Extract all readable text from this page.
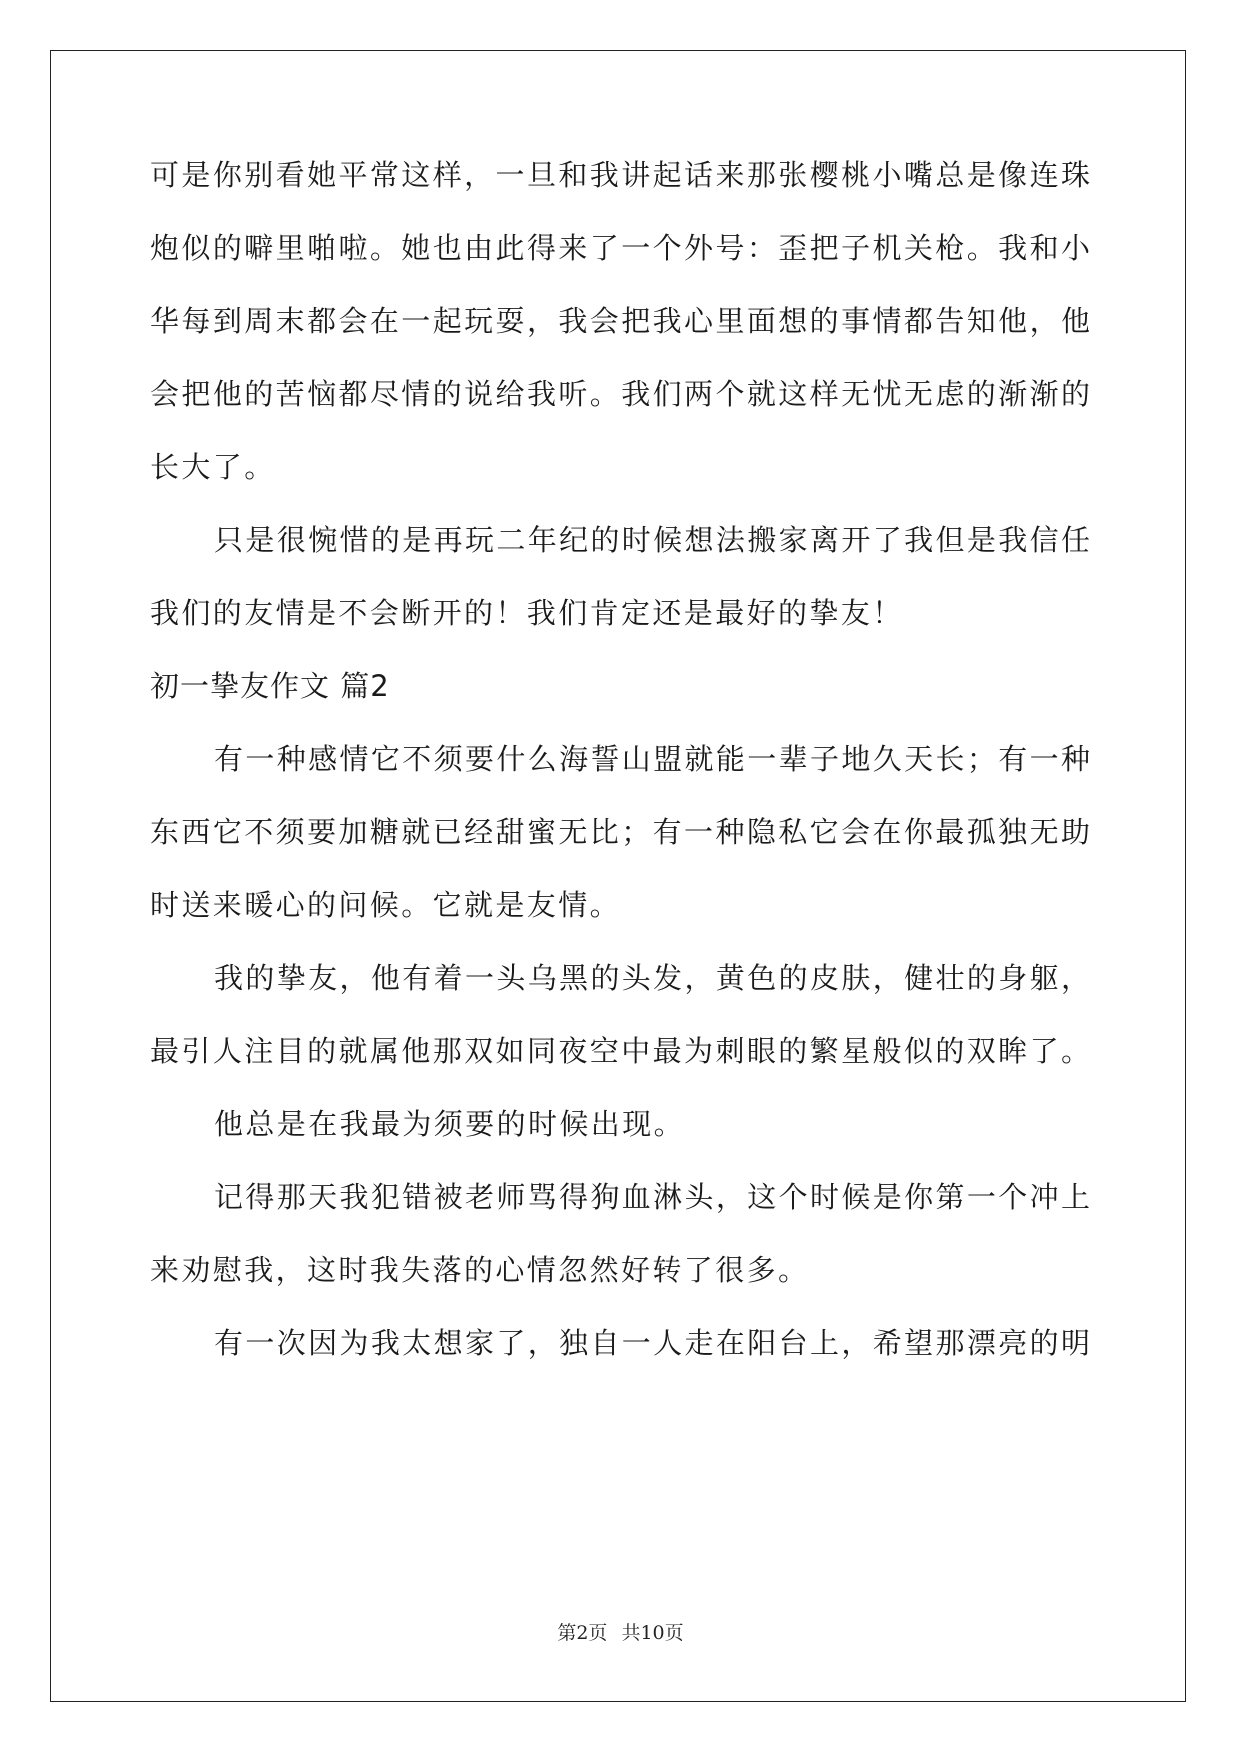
可是你别看她平常这样，一旦和我讲起话来那张樱桃小嘴总是像连珠
炮似的噼里啪啦。她也由此得来了一个外号：歪把子机关枪。我和小
华每到周末都会在一起玩耍，我会把我心里面想的事情都告知他，他
会把他的苦恼都尽情的说给我听。我们两个就这样无忧无虑的渐渐的
长大了。
只是很惋惜的是再玩二年纪的时候想法搬家离开了我但是我信任
我们的友情是不会断开的！我们肯定还是最好的挚友！
初一挚友作文 篇2
有一种感情它不须要什么海誓山盟就能一辈子地久天长；有一种
东西它不须要加糖就已经甜蜜无比；有一种隐私它会在你最孤独无助
时送来暖心的问候。它就是友情。
我的挚友，他有着一头乌黑的头发，黄色的皮肤，健壮的身躯，
最引人注目的就属他那双如同夜空中最为刺眼的繁星般似的双眸了。
他总是在我最为须要的时候出现。
记得那天我犯错被老师骂得狗血淋头，这个时候是你第一个冲上
来劝慰我，这时我失落的心情忽然好转了很多。
有一次因为我太想家了，独自一人走在阳台上，希望那漂亮的明
第2页 共10页
